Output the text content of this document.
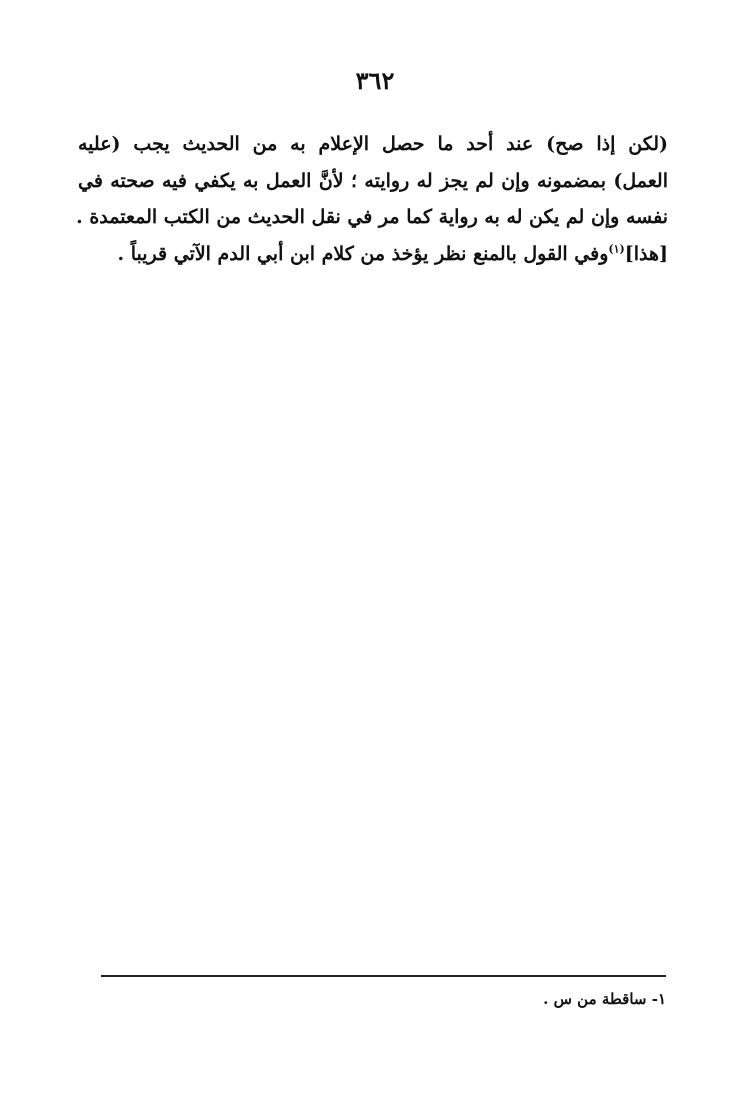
٣٦٢
(لكن إذا صح) عند أحد ما حصل الإعلام به من الحديث يجب (عليه
العمل) بمضمونه وإن لم يجز له روايته ؛ لأنَّ العمل به يكفي فيه صحته في
نفسه وإن لم يكن له به رواية كما مر في نقل الحديث من الكتب المعتمدة .
[هذا]$^{(١)}$وفي القول بالمنع نظر يؤخذ من كلام ابن أبي الدم الآتي قريباً .
١- ساقطة من س .
